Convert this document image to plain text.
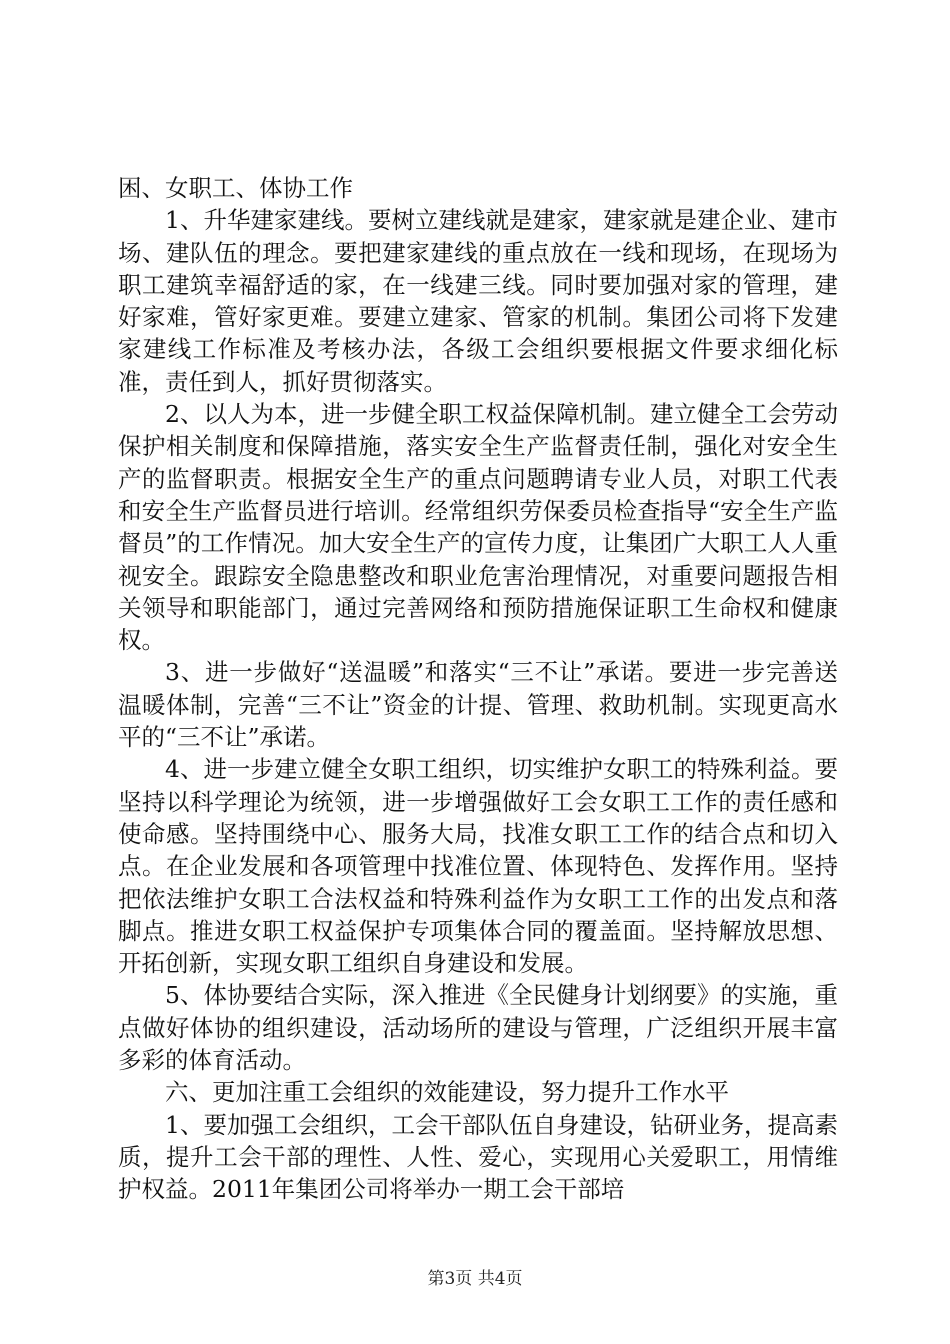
困、女职工、体协工作

1、升华建家建线。要树立建线就是建家，建家就是建企业、建市场、建队伍的理念。要把建家建线的重点放在一线和现场，在现场为职工建筑幸福舒适的家，在一线建三线。同时要加强对家的管理，建好家难，管好家更难。要建立建家、管家的机制。集团公司将下发建家建线工作标准及考核办法，各级工会组织要根据文件要求细化标准，责任到人，抓好贯彻落实。

2、以人为本，进一步健全职工权益保障机制。建立健全工会劳动保护相关制度和保障措施，落实安全生产监督责任制，强化对安全生产的监督职责。根据安全生产的重点问题聘请专业人员，对职工代表和安全生产监督员进行培训。经常组织劳保委员检查指导“安全生产监督员”的工作情况。加大安全生产的宣传力度，让集团广大职工人人重视安全。跟踪安全隐患整改和职业危害治理情况，对重要问题报告相关领导和职能部门，通过完善网络和预防措施保证职工生命权和健康权。

3、进一步做好“送温暖”和落实“三不让”承诺。要进一步完善送温暖体制，完善“三不让”资金的计提、管理、救助机制。实现更高水平的“三不让”承诺。

4、进一步建立健全女职工组织，切实维护女职工的特殊利益。要坚持以科学理论为统领，进一步增强做好工会女职工工作的责任感和使命感。坚持围绕中心、服务大局，找准女职工工作的结合点和切入点。在企业发展和各项管理中找准位置、体现特色、发挥作用。坚持把依法维护女职工合法权益和特殊利益作为女职工工作的出发点和落脚点。推进女职工权益保护专项集体合同的覆盖面。坚持解放思想、开拓创新，实现女职工组织自身建设和发展。

5、体协要结合实际，深入推进《全民健身计划纲要》的实施，重点做好体协的组织建设，活动场所的建设与管理，广泛组织开展丰富多彩的体育活动。

六、更加注重工会组织的效能建设，努力提升工作水平

1、要加强工会组织，工会干部队伍自身建设，钻研业务，提高素质，提升工会干部的理性、人性、爱心，实现用心关爱职工，用情维护权益。2011年集团公司将举办一期工会干部培

第3页 共4页
